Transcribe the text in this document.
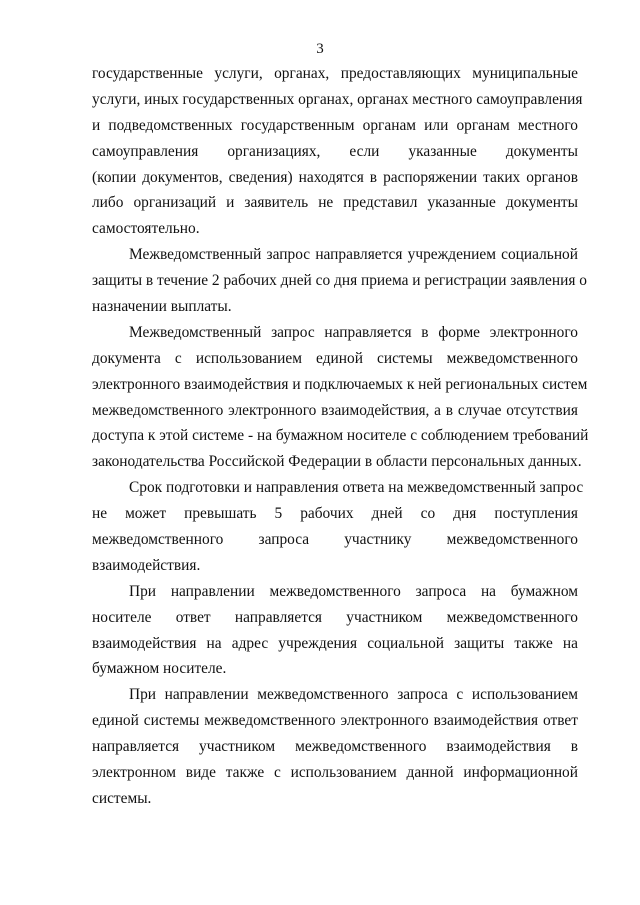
3
государственные услуги, органах, предоставляющих муниципальные
услуги, иных государственных органах, органах местного самоуправления
и подведомственных государственным органам или органам местного
самоуправления организациях, если указанные документы
(копии документов, сведения) находятся в распоряжении таких органов
либо организаций и заявитель не представил указанные документы
самостоятельно.
Межведомственный запрос направляется учреждением социальной
защиты в течение 2 рабочих дней со дня приема и регистрации заявления о
назначении выплаты.
Межведомственный запрос направляется в форме электронного
документа с использованием единой системы межведомственного
электронного взаимодействия и подключаемых к ней региональных систем
межведомственного электронного взаимодействия, а в случае отсутствия
доступа к этой системе - на бумажном носителе с соблюдением требований
законодательства Российской Федерации в области персональных данных.
Срок подготовки и направления ответа на межведомственный запрос
не может превышать 5 рабочих дней со дня поступления
межведомственного запроса участнику межведомственного
взаимодействия.
При направлении межведомственного запроса на бумажном
носителе ответ направляется участником межведомственного
взаимодействия на адрес учреждения социальной защиты также на
бумажном носителе.
При направлении межведомственного запроса с использованием
единой системы межведомственного электронного взаимодействия ответ
направляется участником межведомственного взаимодействия в
электронном виде также с использованием данной информационной
системы.
